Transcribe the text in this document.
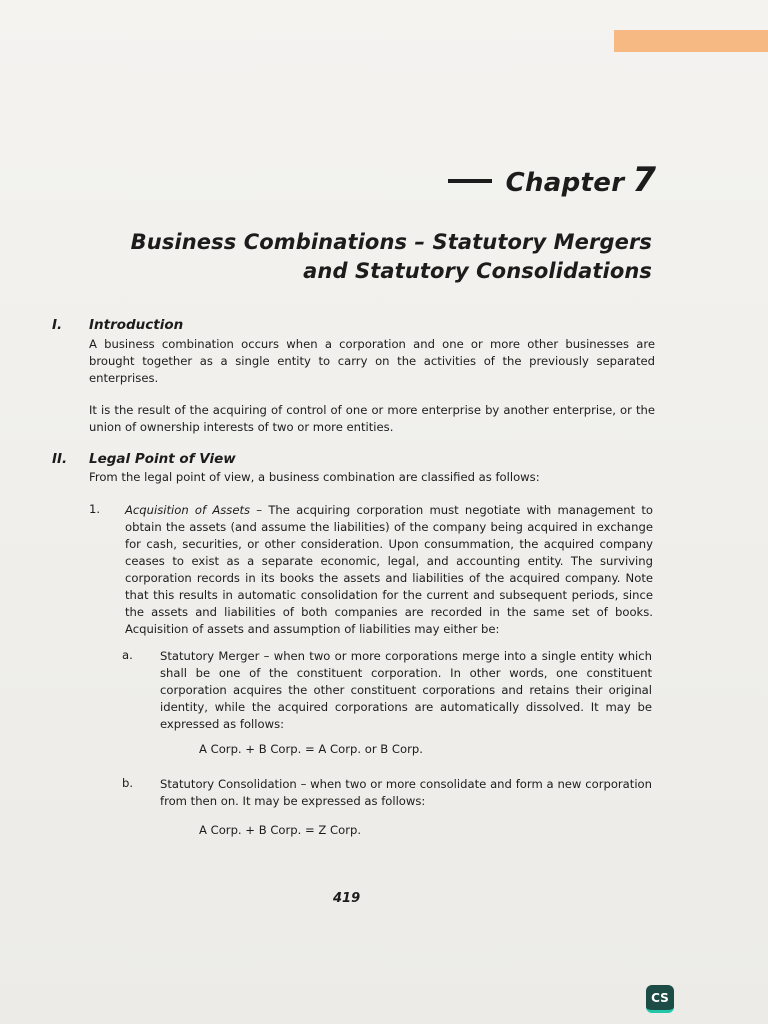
Chapter 7
Business Combinations – Statutory Mergers
and Statutory Consolidations
I. Introduction

A business combination occurs when a corporation and one or more other businesses are brought together as a single entity to carry on the activities of the previously separated enterprises.

It is the result of the acquiring of control of one or more enterprise by another enterprise, or the union of ownership interests of two or more entities.

II. Legal Point of View

From the legal point of view, a business combination are classified as follows:

1. Acquisition of Assets – The acquiring corporation must negotiate with management to obtain the assets (and assume the liabilities) of the company being acquired in exchange for cash, securities, or other consideration. Upon consummation, the acquired company ceases to exist as a separate economic, legal, and accounting entity. The surviving corporation records in its books the assets and liabilities of the acquired company. Note that this results in automatic consolidation for the current and subsequent periods, since the assets and liabilities of both companies are recorded in the same set of books. Acquisition of assets and assumption of liabilities may either be:

a. Statutory Merger – when two or more corporations merge into a single entity which shall be one of the constituent corporation. In other words, one constituent corporation acquires the other constituent corporations and retains their original identity, while the acquired corporations are automatically dissolved. It may be expressed as follows:

A Corp. + B Corp. = A Corp. or B Corp.
b. Statutory Consolidation – when two or more consolidate and form a new corporation from then on. It may be expressed as follows:

A Corp. + B Corp. = Z Corp.
419
CS
